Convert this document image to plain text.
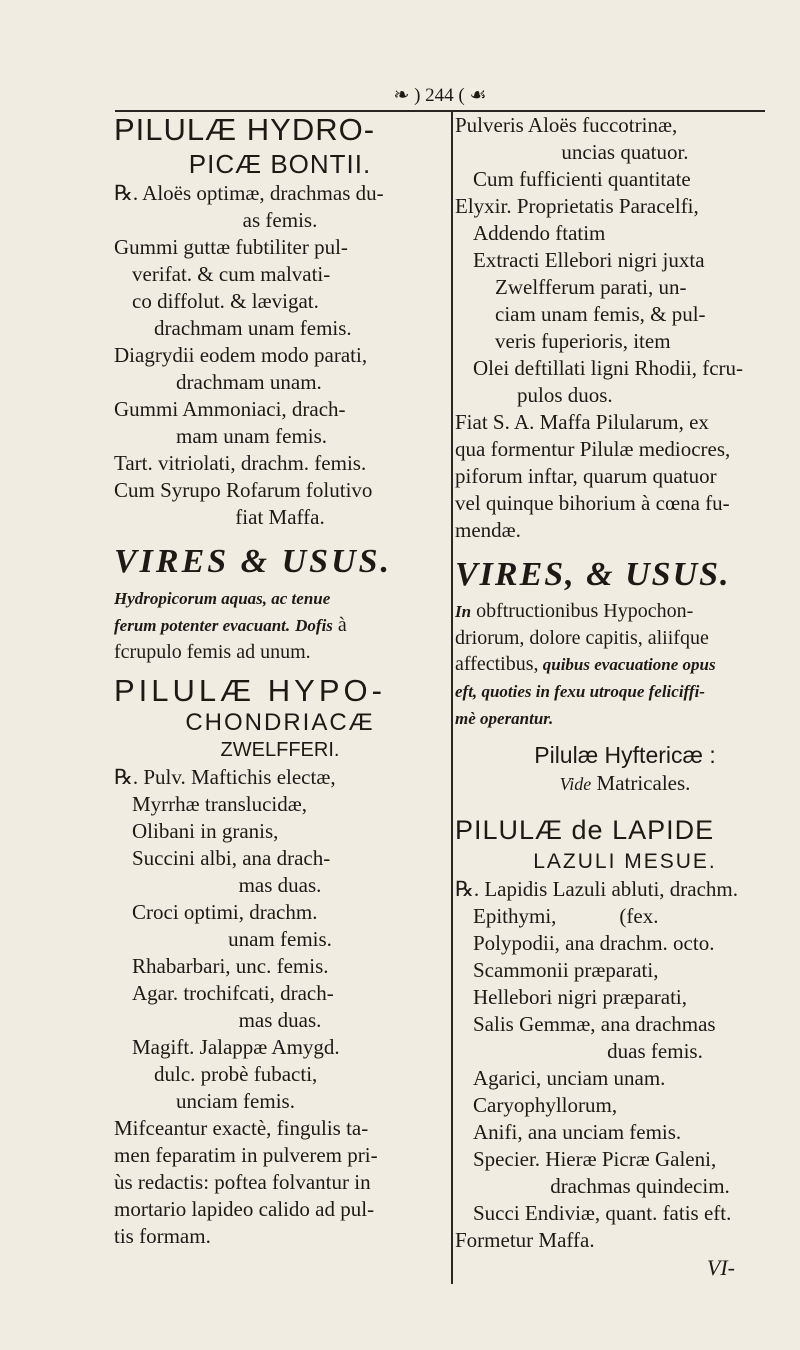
❧ ) 244 ( ☙
PILULÆ HYDRO-
PICÆ BONTII.
℞. Aloës optimæ, drachmas du-
as femis.
Gummi guttæ fubtiliter pul-
verifat. & cum malvati-
co diffolut. & lævigat.
drachmam unam femis.
Diagrydii eodem modo parati,
drachmam unam.
Gummi Ammoniaci, drach-
mam unam femis.
Tart. vitriolati, drachm. femis.
Cum Syrupo Rofarum folutivo
fiat Maffa.
VIRES & USUS.
Hydropicorum aquas, ac tenue
ferum potenter evacuant. Dofis à
fcrupulo femis ad unum.
PILULÆ HYPO-
CHONDRIACÆ
ZWELFFERI.
℞. Pulv. Maftichis electæ,
Myrrhæ translucidæ,
Olibani in granis,
Succini albi, ana drach-
mas duas.
Croci optimi, drachm.
unam femis.
Rhabarbari, unc. femis.
Agar. trochifcati, drach-
mas duas.
Magift. Jalappæ Amygd.
dulc. probè fubacti,
unciam femis.
Mifceantur exactè, fingulis ta-
men feparatim in pulverem pri-
ùs redactis: poftea folvantur in
mortario lapideo calido ad pul-
tis formam.
Pulveris Aloës fuccotrinæ,
uncias quatuor.
Cum fufficienti quantitate
Elyxir. Proprietatis Paracelfi,
Addendo ftatim
Extracti Ellebori nigri juxta
Zwelfferum parati, un-
ciam unam femis, & pul-
veris fuperioris, item
Olei deftillati ligni Rhodii, fcru-
pulos duos.
Fiat S. A. Maffa Pilularum, ex
qua formentur Pilulæ mediocres,
piforum inftar, quarum quatuor
vel quinque bihorium à cœna fu-
mendæ.
VIRES, & USUS.
In obftructionibus Hypochon-
driorum, dolore capitis, aliifque
affectibus, quibus evacuatione opus
eft, quoties in fexu utroque feliciffi-
mè operantur.
Pilulæ Hyftericæ :
Vide Matricales.
PILULÆ de LAPIDE
LAZULI MESUE.
℞. Lapidis Lazuli abluti, drachm.
Epithymi,            (fex.
Polypodii, ana drachm. octo.
Scammonii præparati,
Hellebori nigri præparati,
Salis Gemmæ, ana drachmas
duas femis.
Agarici, unciam unam.
Caryophyllorum,
Anifi, ana unciam femis.
Specier. Hieræ Picræ Galeni,
drachmas quindecim.
Succi Endiviæ, quant. fatis eft.
Formetur Maffa.
VI-
